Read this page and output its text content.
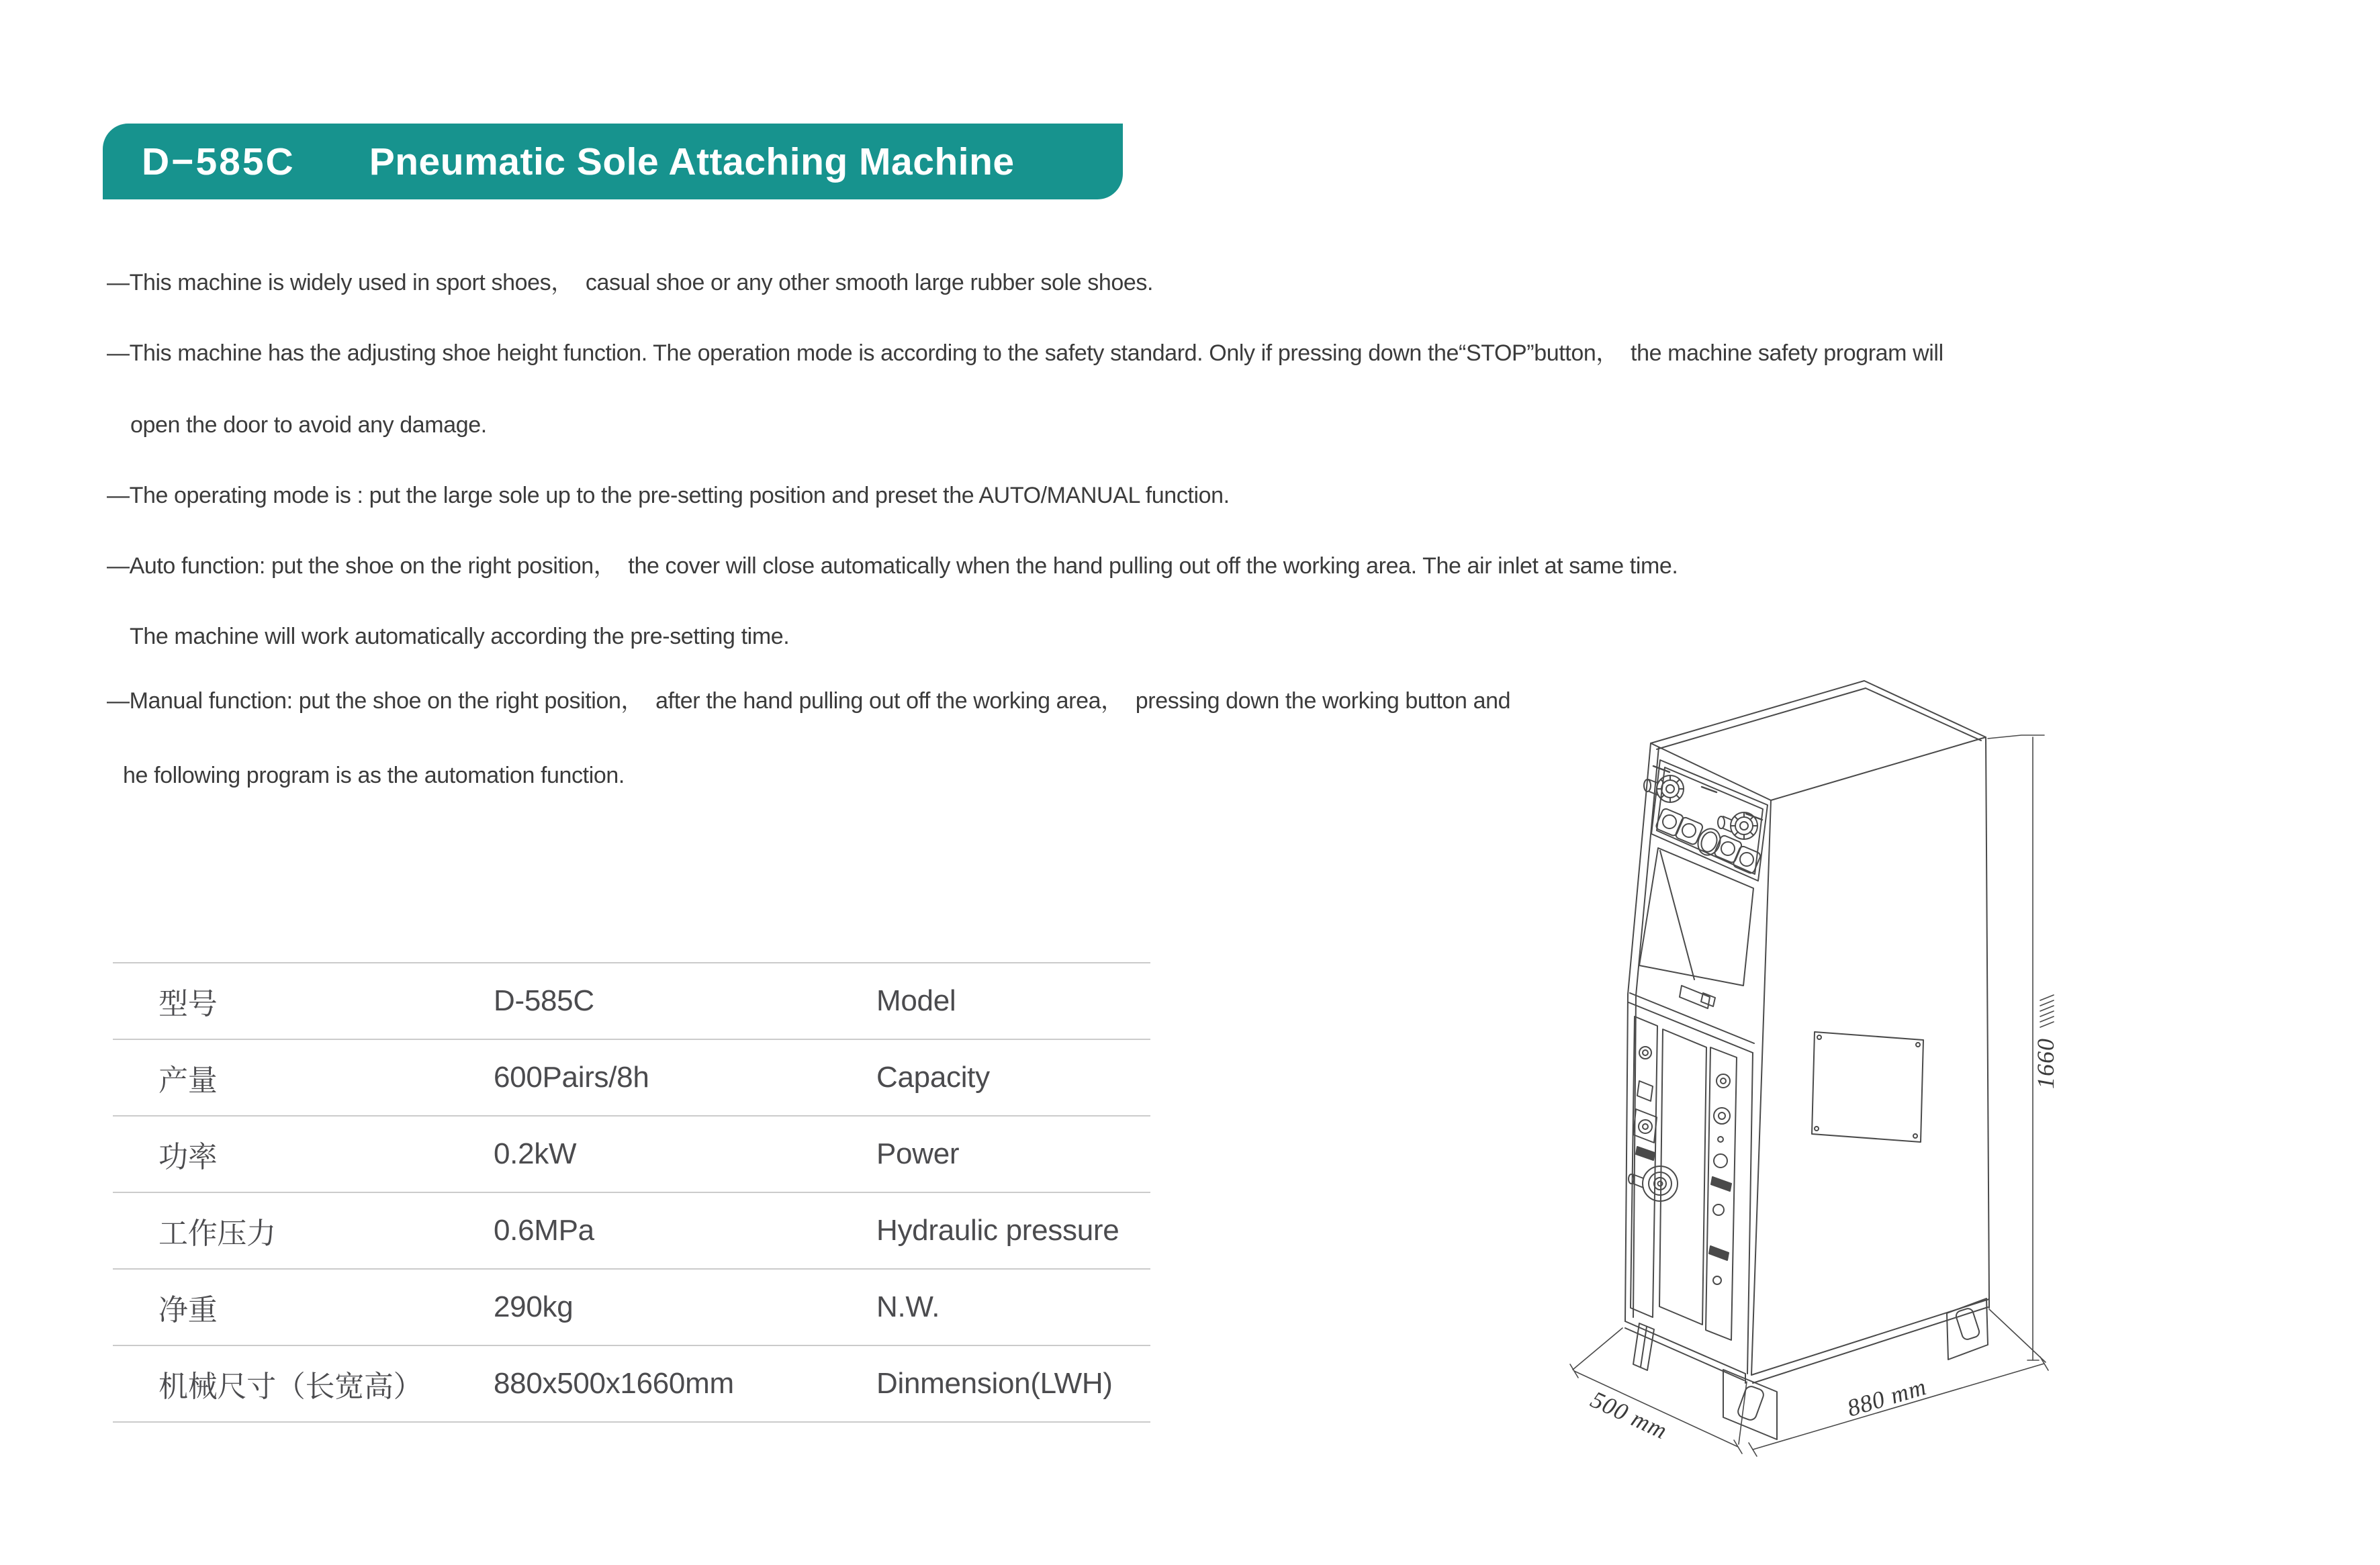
D−585C Pneumatic Sole Attaching Machine
—This machine is widely used in sport shoes，  casual shoe or any other smooth large rubber sole shoes.
—This machine has the adjusting shoe height function. The operation mode is according to the safety standard. Only if pressing down the“STOP”button，  the machine safety program will
open the door to avoid any damage.
—The operating mode is : put the large sole up to the pre-setting position and preset the AUTO/MANUAL function.
—Auto function: put the shoe on the right position，  the cover will close automatically when the hand pulling out off the working area. The air inlet at same time.
The machine will work automatically according the pre-setting time.
—Manual function: put the shoe on the right position，  after the hand pulling out off the working area，  pressing down the working button and
he following program is as the automation function.
型号	D-585C	Model
产量	600Pairs/8h	Capacity
功率	0.2kW	Power
工作压力	0.6MPa	Hydraulic pressure
净重	290kg	N.W.
机械尺寸（长宽高） 880x500x1660mm	Dinmension(LWH)
1660
500 mm	880 mm
